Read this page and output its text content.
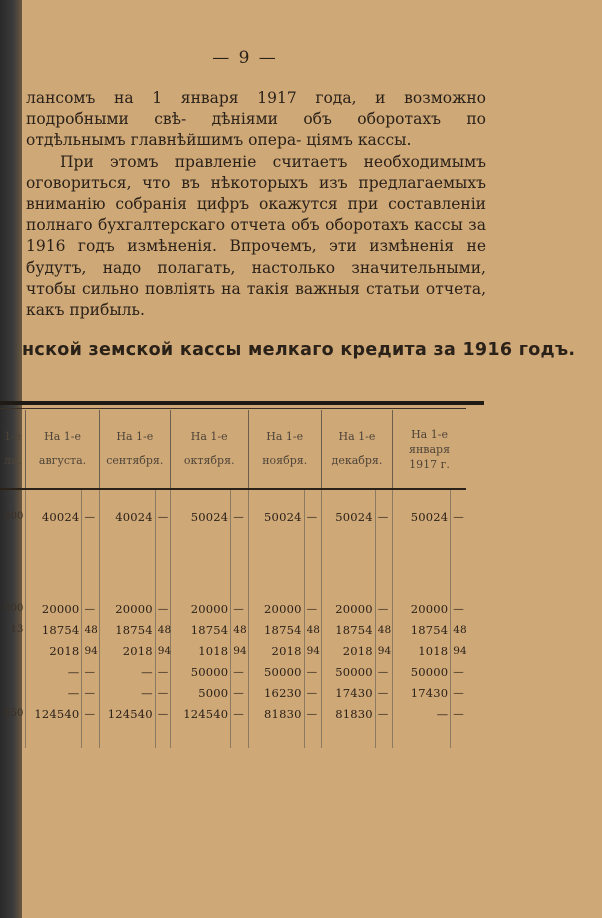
— 9 —

лансомъ на 1 января 1917 года, и возможно подробными свѣ- дѣніями объ оборотахъ по отдѣльнымъ главнѣйшимъ опера- ціямъ кассы.

При этомъ правленіе считаетъ необходимымъ оговориться, что въ нѣкоторыхъ изъ предлагаемыхъ вниманію собранія цифръ окажутся при составленіи полнаго бухгалтерскаго отчета объ оборотахъ кассы за 1916 годъ измѣненія. Впрочемъ, эти измѣненія не будутъ, надо полагать, настолько значительными, чтобы сильно повліять на такія важныя статьи отчета, какъ прибыль.

нской земской кассы мелкаго кредита за 1916 годъ.
1-е
ля.	На 1-е
августа.		На 1-е
сентября.		На 1-е
октября.		На 1-е
ноября.		На 1-е
декабря.		На 1-е января
1917 г.	

000	40024	—	40024	—	50024	—	50024	—	50024	—	50024	—

000	20000	—	20000	—	20000	—	20000	—	20000	—	20000	—
13	18754	48	18754	48	18754	48	18754	48	18754	48	18754	48
	2018	94	2018	94	1018	94	2018	94	2018	94	1018	94
	—	—	—	—	50000	—	50000	—	50000	—	50000	—
	—	—	—	—	5000	—	16230	—	17430	—	17430	—
650	124540	—	124540	—	124540	—	81830	—	81830	—	—	—
